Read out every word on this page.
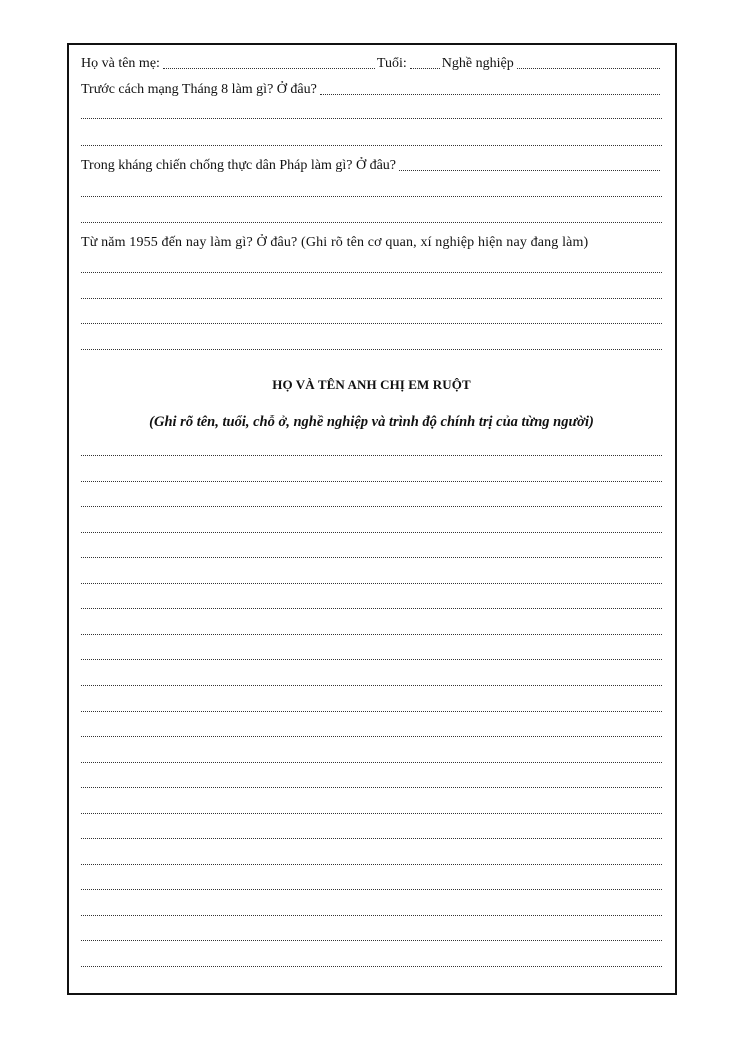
Họ và tên mẹ:	Tuổi:	Nghề nghiệp
Trước cách mạng Tháng 8 làm gì? Ở đâu?
Trong kháng chiến chống thực dân Pháp làm gì? Ở đâu?
Từ năm 1955 đến nay làm gì? Ở đâu? (Ghi rõ tên cơ quan, xí nghiệp hiện nay đang làm)
HỌ VÀ TÊN ANH CHỊ EM RUỘT
(Ghi rõ tên, tuổi, chỗ ở, nghề nghiệp và trình độ chính trị của từng người)
